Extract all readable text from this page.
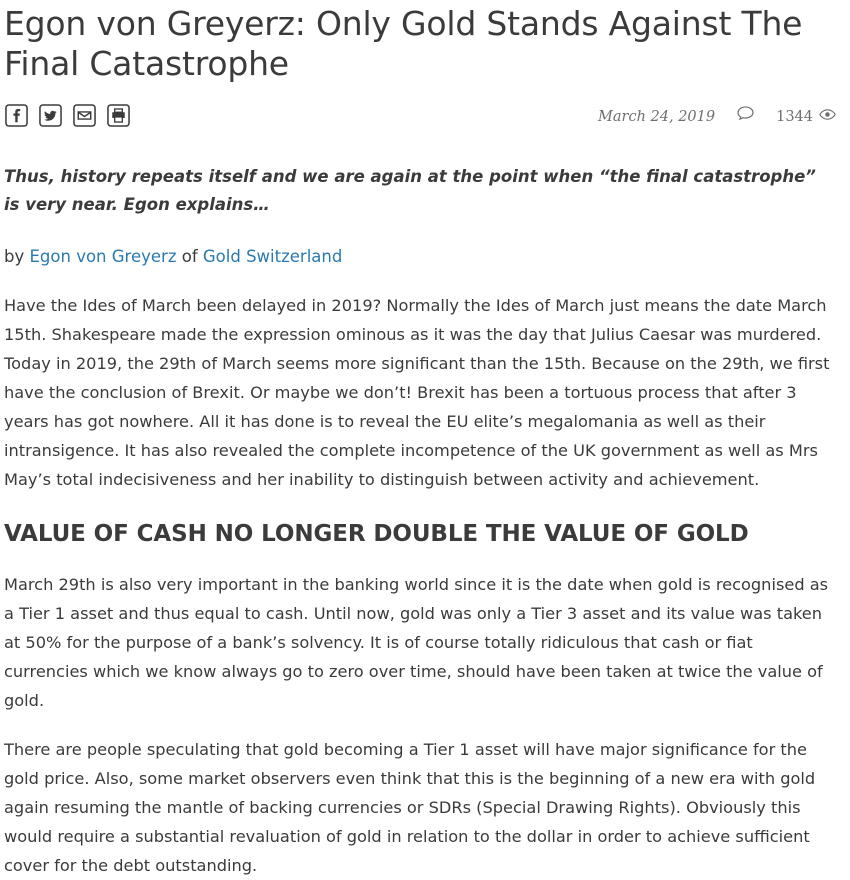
Egon von Greyerz: Only Gold Stands Against The Final Catastrophe
March 24, 2019	1344

Thus, history repeats itself and we are again at the point when “the final catastrophe” is very near. Egon explains…

by Egon von Greyerz of Gold Switzerland

Have the Ides of March been delayed in 2019? Normally the Ides of March just means the date March 15th. Shakespeare made the expression ominous as it was the day that Julius Caesar was murdered. Today in 2019, the 29th of March seems more significant than the 15th. Because on the 29th, we first have the conclusion of Brexit. Or maybe we don’t! Brexit has been a tortuous process that after 3 years has got nowhere. All it has done is to reveal the EU elite’s megalomania as well as their intransigence. It has also revealed the complete incompetence of the UK government as well as Mrs May’s total indecisiveness and her inability to distinguish between activity and achievement.

VALUE OF CASH NO LONGER DOUBLE THE VALUE OF GOLD

March 29th is also very important in the banking world since it is the date when gold is recognised as a Tier 1 asset and thus equal to cash. Until now, gold was only a Tier 3 asset and its value was taken at 50% for the purpose of a bank’s solvency. It is of course totally ridiculous that cash or fiat currencies which we know always go to zero over time, should have been taken at twice the value of gold.

There are people speculating that gold becoming a Tier 1 asset will have major significance for the gold price. Also, some market observers even think that this is the beginning of a new era with gold again resuming the mantle of backing currencies or SDRs (Special Drawing Rights). Obviously this would require a substantial revaluation of gold in relation to the dollar in order to achieve sufficient cover for the debt outstanding.
